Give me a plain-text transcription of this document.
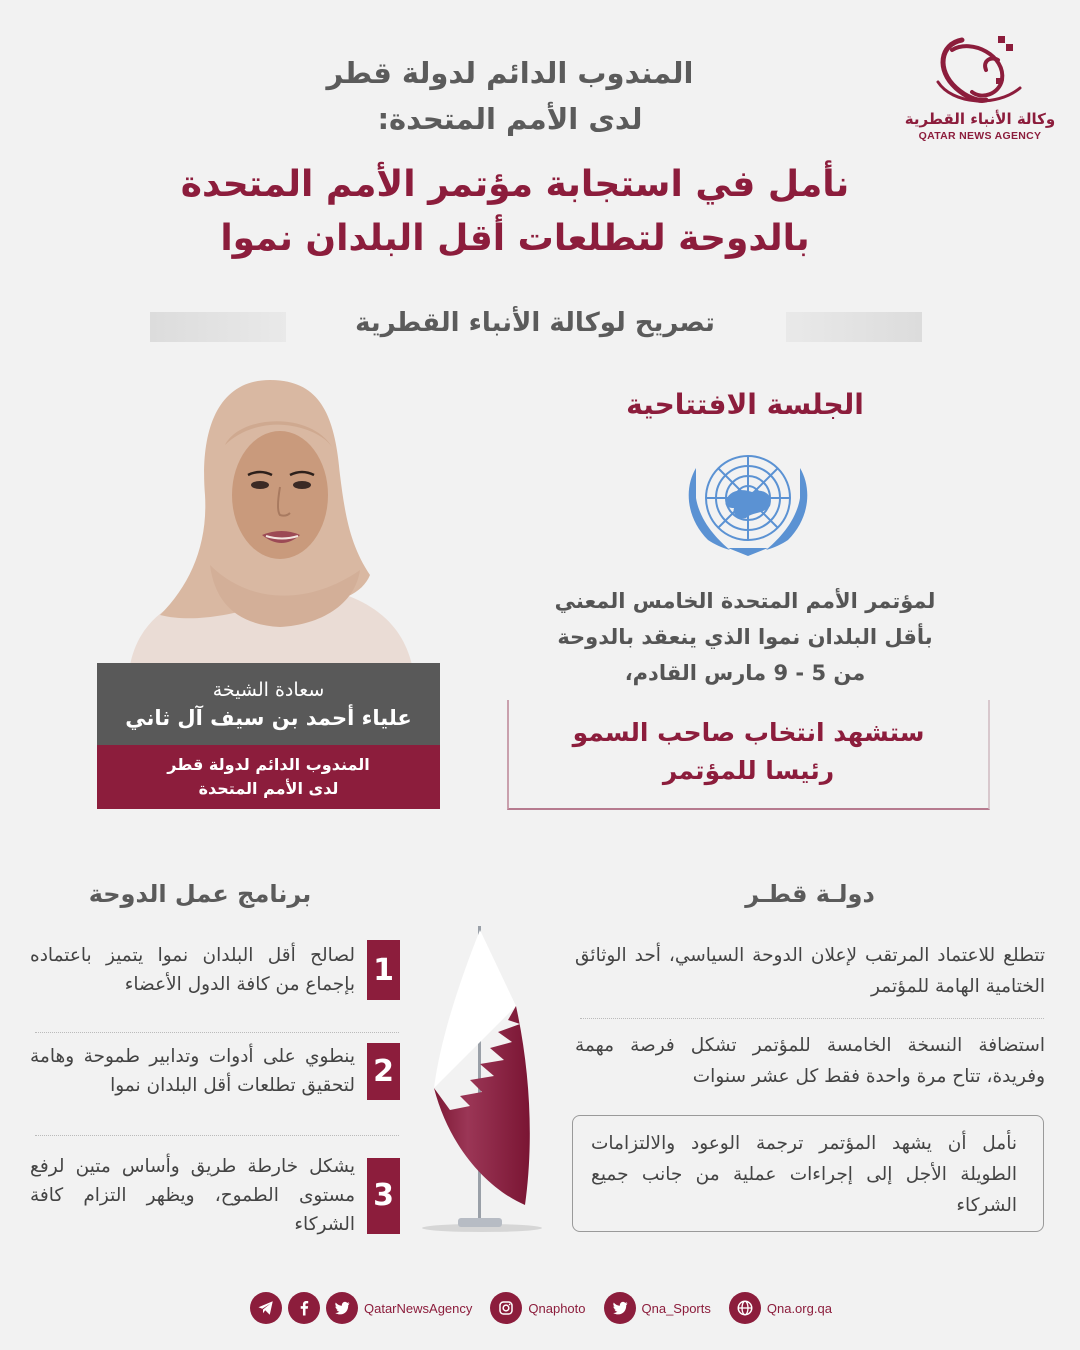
وكالة الأنباء القطرية
QATAR NEWS AGENCY
المندوب الدائم لدولة قطر
لدى الأمم المتحدة:
نأمل في استجابة مؤتمر الأمم المتحدة
بالدوحة لتطلعات أقل البلدان نموا
تصريح لوكالة الأنباء القطرية
سعادة الشيخة
علياء أحمد بن سيف آل ثاني
المندوب الدائم لدولة قطر
لدى الأمم المتحدة
الجلسة الافتتاحية
لمؤتمر الأمم المتحدة الخامس المعني
بأقل البلدان نموا الذي ينعقد بالدوحة
من 5 - 9 مارس القادم،
ستشهد انتخاب صاحب السمو
رئيسا للمؤتمر
برنامج عمل الدوحة	دولـة قطـر
1
لصالح أقل البلدان نموا يتميز باعتماده بإجماع من كافة الدول الأعضاء
2
ينطوي على أدوات وتدابير طموحة وهامة لتحقيق تطلعات أقل البلدان نموا
3
يشكل خارطة طريق وأساس متين لرفع مستوى الطموح، ويظهر التزام كافة الشركاء
تتطلع للاعتماد المرتقب لإعلان الدوحة السياسي، أحد الوثائق الختامية الهامة للمؤتمر
استضافة النسخة الخامسة للمؤتمر تشكل فرصة مهمة وفريدة، تتاح مرة واحدة فقط كل عشر سنوات
نأمل أن يشهد المؤتمر ترجمة الوعود والالتزامات الطويلة الأجل إلى إجراءات عملية من جانب جميع الشركاء
QatarNewsAgency	Qnaphoto	Qna_Sports	Qna.org.qa
